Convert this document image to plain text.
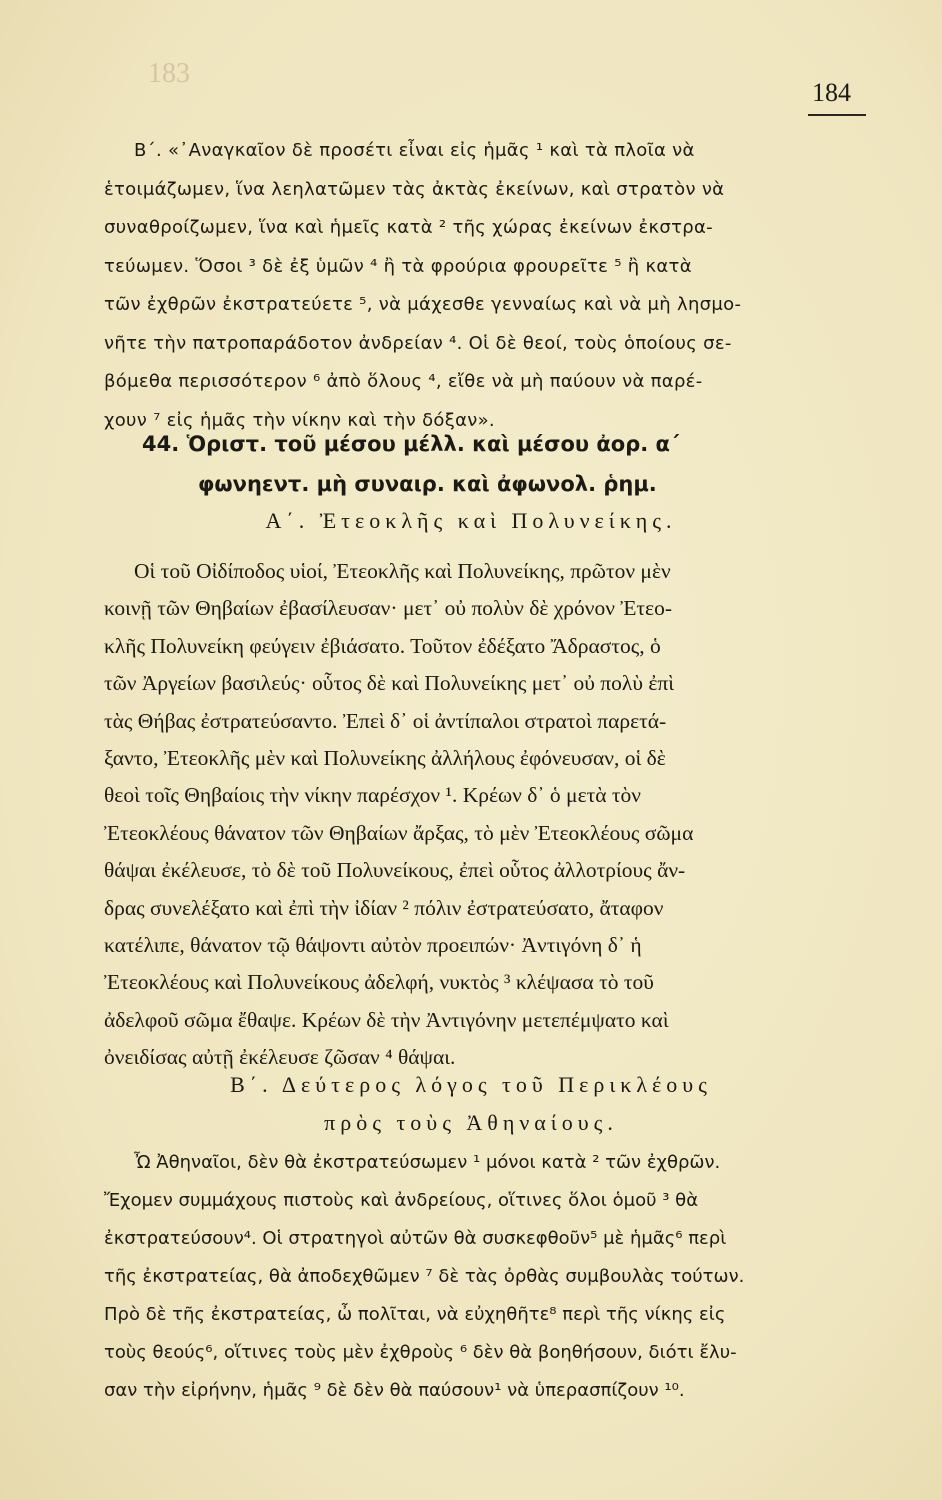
183
184
Β΄. «᾿Αναγκαῖον δὲ προσέτι εἶναι εἰς ἡμᾶς ¹ καὶ τὰ πλοῖα νὰ
ἑτοιμάζωμεν, ἵνα λεηλατῶμεν τὰς ἀκτὰς ἐκείνων, καὶ στρατὸν νὰ
συναθροίζωμεν, ἵνα καὶ ἡμεῖς κατὰ ² τῆς χώρας ἐκείνων ἐκστρα-
τεύωμεν. Ὅσοι ³ δὲ ἐξ ὑμῶν ⁴ ἢ τὰ φρούρια φρουρεῖτε ⁵ ἢ κατὰ
τῶν ἐχθρῶν ἐκστρατεύετε ⁵, νὰ μάχεσθε γενναίως καὶ νὰ μὴ λησμο-
νῆτε τὴν πατροπαράδοτον ἀνδρείαν ⁴. Οἱ δὲ θεοί, τοὺς ὁποίους σε-
βόμεθα περισσότερον ⁶ ἀπὸ ὅλους ⁴, εἴθε νὰ μὴ παύουν νὰ παρέ-
χουν ⁷ εἰς ἡμᾶς τὴν νίκην καὶ τὴν δόξαν».
44. Ὁριστ. τοῦ μέσου μέλλ. καὶ μέσου ἀορ. α΄
φωνηεντ. μὴ συναιρ. καὶ ἀφωνολ. ῥημ.
Α΄. Ἐτεοκλῆς καὶ Πολυνείκης.
Οἱ τοῦ Οἰδίποδος υἱοί, Ἐτεοκλῆς καὶ Πολυνείκης, πρῶτον μὲν
κοινῇ τῶν Θηβαίων ἐβασίλευσαν· μετ᾿ οὐ πολὺν δὲ χρόνον Ἐτεο-
κλῆς Πολυνείκη φεύγειν ἐβιάσατο. Τοῦτον ἐδέξατο Ἄδραστος, ὁ
τῶν Ἀργείων βασιλεύς· οὗτος δὲ καὶ Πολυνείκης μετ᾿ οὐ πολὺ ἐπὶ
τὰς Θήβας ἐστρατεύσαντο. Ἐπεὶ δ᾿ οἱ ἀντίπαλοι στρατοὶ παρετά-
ξαντο, Ἐτεοκλῆς μὲν καὶ Πολυνείκης ἀλλήλους ἐφόνευσαν, οἱ δὲ
θεοὶ τοῖς Θηβαίοις τὴν νίκην παρέσχον ¹. Κρέων δ᾿ ὁ μετὰ τὸν
Ἐτεοκλέους θάνατον τῶν Θηβαίων ἄρξας, τὸ μὲν Ἐτεοκλέους σῶμα
θάψαι ἐκέλευσε, τὸ δὲ τοῦ Πολυνείκους, ἐπεὶ οὗτος ἀλλοτρίους ἄν-
δρας συνελέξατο καὶ ἐπὶ τὴν ἰδίαν ² πόλιν ἐστρατεύσατο, ἄταφον
κατέλιπε, θάνατον τῷ θάψοντι αὐτὸν προειπών· Ἀντιγόνη δ᾿ ἡ
Ἐτεοκλέους καὶ Πολυνείκους ἀδελφή, νυκτὸς ³ κλέψασα τὸ τοῦ
ἀδελφοῦ σῶμα ἔθαψε. Κρέων δὲ τὴν Ἀντιγόνην μετεπέμψατο καὶ
ὀνειδίσας αὐτῇ ἐκέλευσε ζῶσαν ⁴ θάψαι.
Β΄. Δεύτερος λόγος τοῦ Περικλέους
πρὸς τοὺς Ἀθηναίους.
Ὦ Ἀθηναῖοι, δὲν θὰ ἐκστρατεύσωμεν ¹ μόνοι κατὰ ² τῶν ἐχθρῶν.
Ἔχομεν συμμάχους πιστοὺς καὶ ἀνδρείους, οἵτινες ὅλοι ὁμοῦ ³ θὰ
ἐκστρατεύσουν⁴. Οἱ στρατηγοὶ αὐτῶν θὰ συσκεφθοῦν⁵ μὲ ἡμᾶς⁶ περὶ
τῆς ἐκστρατείας, θὰ ἀποδεχθῶμεν ⁷ δὲ τὰς ὀρθὰς συμβουλὰς τούτων.
Πρὸ δὲ τῆς ἐκστρατείας, ὦ πολῖται, νὰ εὐχηθῆτε⁸ περὶ τῆς νίκης εἰς
τοὺς θεούς⁶, οἵτινες τοὺς μὲν ἐχθροὺς ⁶ δὲν θὰ βοηθήσουν, διότι ἔλυ-
σαν τὴν εἰρήνην, ἡμᾶς ⁹ δὲ δὲν θὰ παύσουν¹ νὰ ὑπερασπίζουν ¹⁰.
